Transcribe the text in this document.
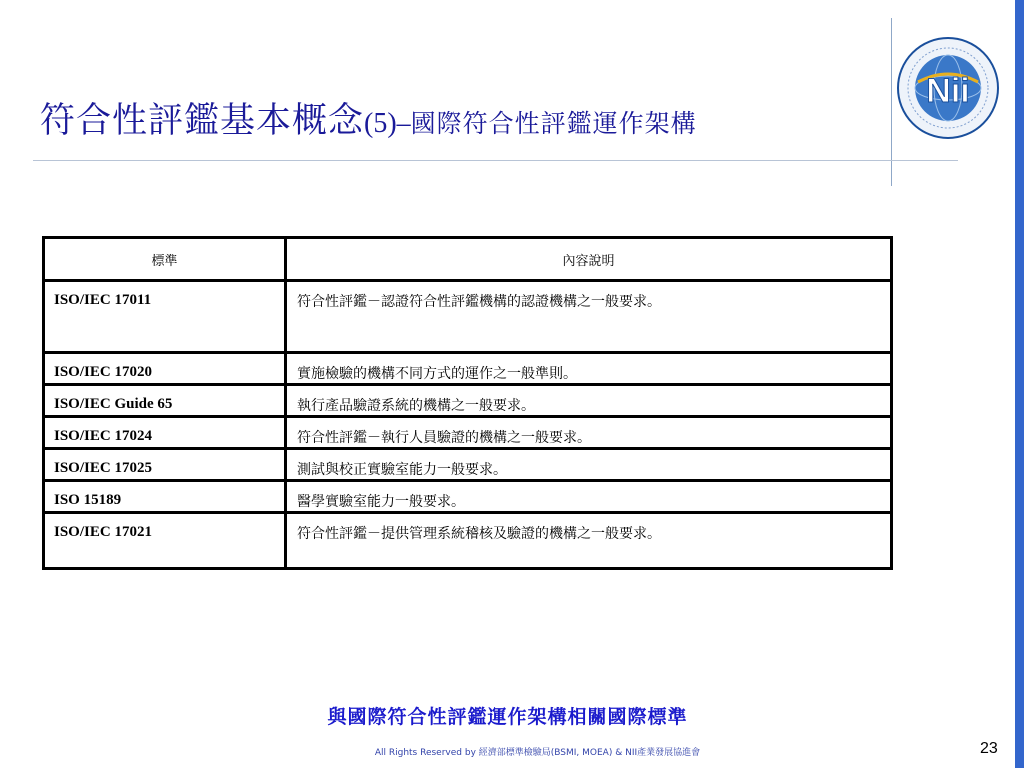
符合性評鑑基本概念(5)–國際符合性評鑑運作架構
Nii
標準	內容說明
ISO/IEC 17011	符合性評鑑－認證符合性評鑑機構的認證機構之一般要求。
ISO/IEC 17020	實施檢驗的機構不同方式的運作之一般準則。
ISO/IEC Guide 65	執行產品驗證系統的機構之一般要求。
ISO/IEC 17024	符合性評鑑－執行人員驗證的機構之一般要求。
ISO/IEC 17025	測試與校正實驗室能力一般要求。
ISO 15189	醫學實驗室能力一般要求。
ISO/IEC 17021	符合性評鑑－提供管理系統稽核及驗證的機構之一般要求。
與國際符合性評鑑運作架構相關國際標準
All Rights Reserved by 經濟部標準檢驗局(BSMI, MOEA) & NII產業發展協進會	23
